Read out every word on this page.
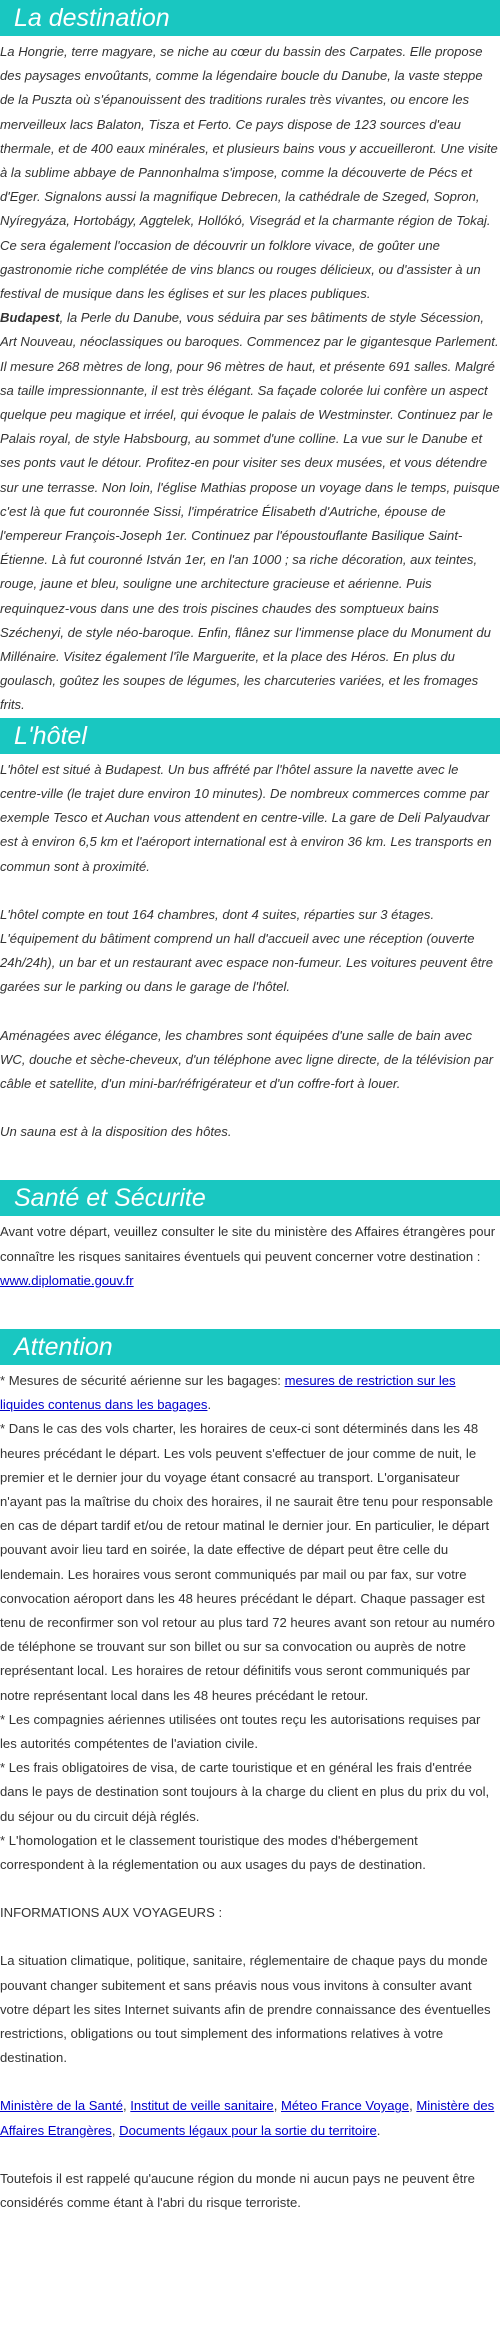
La destination

La Hongrie, terre magyare, se niche au cœur du bassin des Carpates. Elle propose des paysages envoûtants, comme la légendaire boucle du Danube, la vaste steppe de la Puszta où s'épanouissent des traditions rurales très vivantes, ou encore les merveilleux lacs Balaton, Tisza et Ferto. Ce pays dispose de 123 sources d'eau thermale, et de 400 eaux minérales, et plusieurs bains vous y accueilleront. Une visite à la sublime abbaye de Pannonhalma s'impose, comme la découverte de Pécs et d'Eger. Signalons aussi la magnifique Debrecen, la cathédrale de Szeged, Sopron, Nyíregyáza, Hortobágy, Aggtelek, Hollókó, Visegrád et la charmante région de Tokaj. Ce sera également l'occasion de découvrir un folklore vivace, de goûter une gastronomie riche complétée de vins blancs ou rouges délicieux, ou d'assister à un festival de musique dans les églises et sur les places publiques.

Budapest, la Perle du Danube, vous séduira par ses bâtiments de style Sécession, Art Nouveau, néoclassiques ou baroques. Commencez par le gigantesque Parlement. Il mesure 268 mètres de long, pour 96 mètres de haut, et présente 691 salles. Malgré sa taille impressionnante, il est très élégant. Sa façade colorée lui confère un aspect quelque peu magique et irréel, qui évoque le palais de Westminster. Continuez par le Palais royal, de style Habsbourg, au sommet d'une colline. La vue sur le Danube et ses ponts vaut le détour. Profitez-en pour visiter ses deux musées, et vous détendre sur une terrasse. Non loin, l'église Mathias propose un voyage dans le temps, puisque c'est là que fut couronnée Sissi, l'impératrice Élisabeth d'Autriche, épouse de l'empereur François-Joseph 1er. Continuez par l'époustouflante Basilique Saint-Étienne. Là fut couronné István 1er, en l'an 1000 ; sa riche décoration, aux teintes, rouge, jaune et bleu, souligne une architecture gracieuse et aérienne. Puis requinquez-vous dans une des trois piscines chaudes des somptueux bains Széchenyi, de style néo-baroque. Enfin, flânez sur l'immense place du Monument du Millénaire. Visitez également l'île Marguerite, et la place des Héros. En plus du goulasch, goûtez les soupes de légumes, les charcuteries variées, et les fromages frits.

L'hôtel

L'hôtel est situé à Budapest. Un bus affrété par l'hôtel assure la navette avec le centre-ville (le trajet dure environ 10 minutes). De nombreux commerces comme par exemple Tesco et Auchan vous attendent en centre-ville. La gare de Deli Palyaudvar est à environ 6,5 km et l'aéroport international est à environ 36 km. Les transports en commun sont à proximité.

L'hôtel compte en tout 164 chambres, dont 4 suites, réparties sur 3 étages. L'équipement du bâtiment comprend un hall d'accueil avec une réception (ouverte 24h/24h), un bar et un restaurant avec espace non-fumeur. Les voitures peuvent être garées sur le parking ou dans le garage de l'hôtel.

Aménagées avec élégance, les chambres sont équipées d'une salle de bain avec WC, douche et sèche-cheveux, d'un téléphone avec ligne directe, de la télévision par câble et satellite, d'un mini-bar/réfrigérateur et d'un coffre-fort à louer.

Un sauna est à la disposition des hôtes.

Santé et Sécurite

Avant votre départ, veuillez consulter le site du ministère des Affaires étrangères pour connaître les risques sanitaires éventuels qui peuvent concerner votre destination : www.diplomatie.gouv.fr

Attention

* Mesures de sécurité aérienne sur les bagages: mesures de restriction sur les liquides contenus dans les bagages.

* Dans le cas des vols charter, les horaires de ceux-ci sont déterminés dans les 48 heures précédant le départ. Les vols peuvent s'effectuer de jour comme de nuit, le premier et le dernier jour du voyage étant consacré au transport. L'organisateur n'ayant pas la maîtrise du choix des horaires, il ne saurait être tenu pour responsable en cas de départ tardif et/ou de retour matinal le dernier jour. En particulier, le départ pouvant avoir lieu tard en soirée, la date effective de départ peut être celle du lendemain. Les horaires vous seront communiqués par mail ou par fax, sur votre convocation aéroport dans les 48 heures précédant le départ. Chaque passager est tenu de reconfirmer son vol retour au plus tard 72 heures avant son retour au numéro de téléphone se trouvant sur son billet ou sur sa convocation ou auprès de notre représentant local. Les horaires de retour définitifs vous seront communiqués par notre représentant local dans les 48 heures précédant le retour.

* Les compagnies aériennes utilisées ont toutes reçu les autorisations requises par les autorités compétentes de l'aviation civile.

* Les frais obligatoires de visa, de carte touristique et en général les frais d'entrée dans le pays de destination sont toujours à la charge du client en plus du prix du vol, du séjour ou du circuit déjà réglés.

* L'homologation et le classement touristique des modes d'hébergement correspondent à la réglementation ou aux usages du pays de destination.

INFORMATIONS AUX VOYAGEURS :

La situation climatique, politique, sanitaire, réglementaire de chaque pays du monde pouvant changer subitement et sans préavis nous vous invitons à consulter avant votre départ les sites Internet suivants afin de prendre connaissance des éventuelles restrictions, obligations ou tout simplement des informations relatives à votre destination.

Ministère de la Santé, Institut de veille sanitaire, Méteo France Voyage, Ministère des Affaires Etrangères, Documents légaux pour la sortie du territoire.

Toutefois il est rappelé qu'aucune région du monde ni aucun pays ne peuvent être considérés comme étant à l'abri du risque terroriste.
